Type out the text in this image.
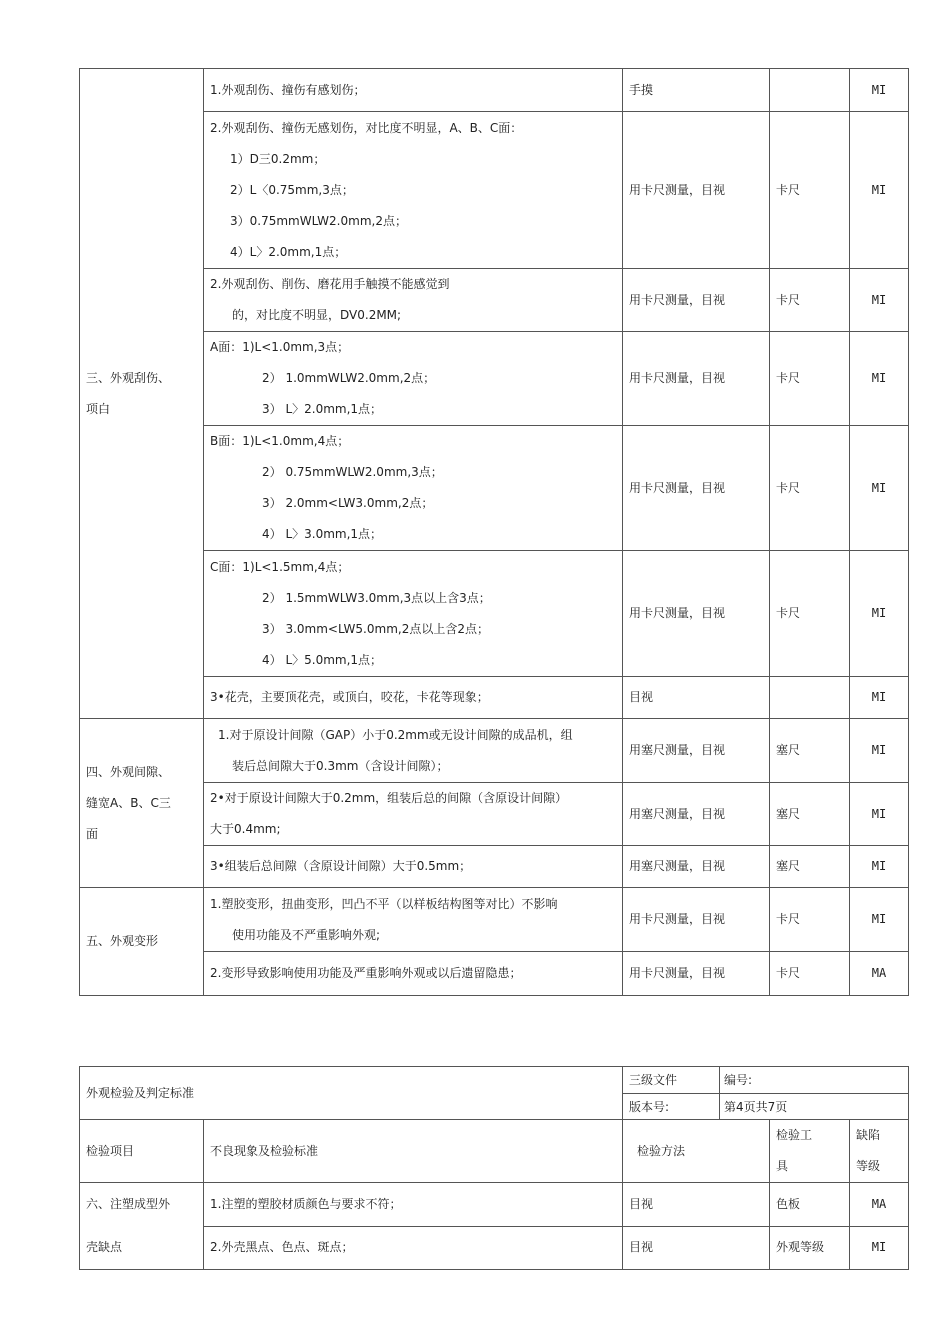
三、外观刮伤、
项白	1.外观刮伤、撞伤有感划伤；	手摸		MI

	2.外观刮伤、撞伤无感划伤，对比度不明显，A、B、C面：
1）D三0.2mm；
2）L〈0.75mm,3点；
3）0.75mmWLW2.0mm,2点；
4）L〉2.0mm,1点；	用卡尺测量，目视	卡尺	MI

	2.外观刮伤、削伤、磨花用手触摸不能感觉到
的，对比度不明显，DV0.2MM;	用卡尺测量，目视	卡尺	MI

	A面：1)L<1.0mm,3点；
2） 1.0mmWLW2.0mm,2点；
3） L〉2.0mm,1点；	用卡尺测量，目视	卡尺	MI

	B面：1)L<1.0mm,4点；
2） 0.75mmWLW2.0mm,3点；
3） 2.0mm<LW3.0mm,2点；
4） L〉3.0mm,1点；	用卡尺测量，目视	卡尺	MI

	C面：1)L<1.5mm,4点；
2） 1.5mmWLW3.0mm,3点以上含3点；
3） 3.0mm<LW5.0mm,2点以上含2点；
4） L〉5.0mm,1点；	用卡尺测量，目视	卡尺	MI

	3•花壳，主要顶花壳，或顶白，咬花，卡花等现象；	目视		MI

四、外观间隙、
缝宽A、B、C三
面	1.对于原设计间隙（GAP）小于0.2mm或无设计间隙的成品机，组
装后总间隙大于0.3mm（含设计间隙）；	用塞尺测量，目视	塞尺	MI

	2•对于原设计间隙大于0.2mm，组装后总的间隙（含原设计间隙）
大于0.4mm;	用塞尺测量，目视	塞尺	MI

	3•组装后总间隙（含原设计间隙）大于0.5mm；	用塞尺测量，目视	塞尺	MI

五、外观变形	1.塑胶变形，扭曲变形，凹凸不平（以样板结构图等对比）不影响
使用功能及不严重影响外观;	用卡尺测量，目视	卡尺	MI

	2.变形导致影响使用功能及严重影响外观或以后遗留隐患；	用卡尺测量，目视	卡尺	MA
外观检验及判定标准		三级文件	编号:		
		版本号:	第4页共7页		
检验项目	不良现象及检验标准	检验方法		检验工
具	缺陷
等级

六、注塑成型外
壳缺点	1.注塑的塑胶材质颜色与要求不符；	目视		色板	MA
	2.外壳黑点、色点、斑点；	目视		外观等级	MI
